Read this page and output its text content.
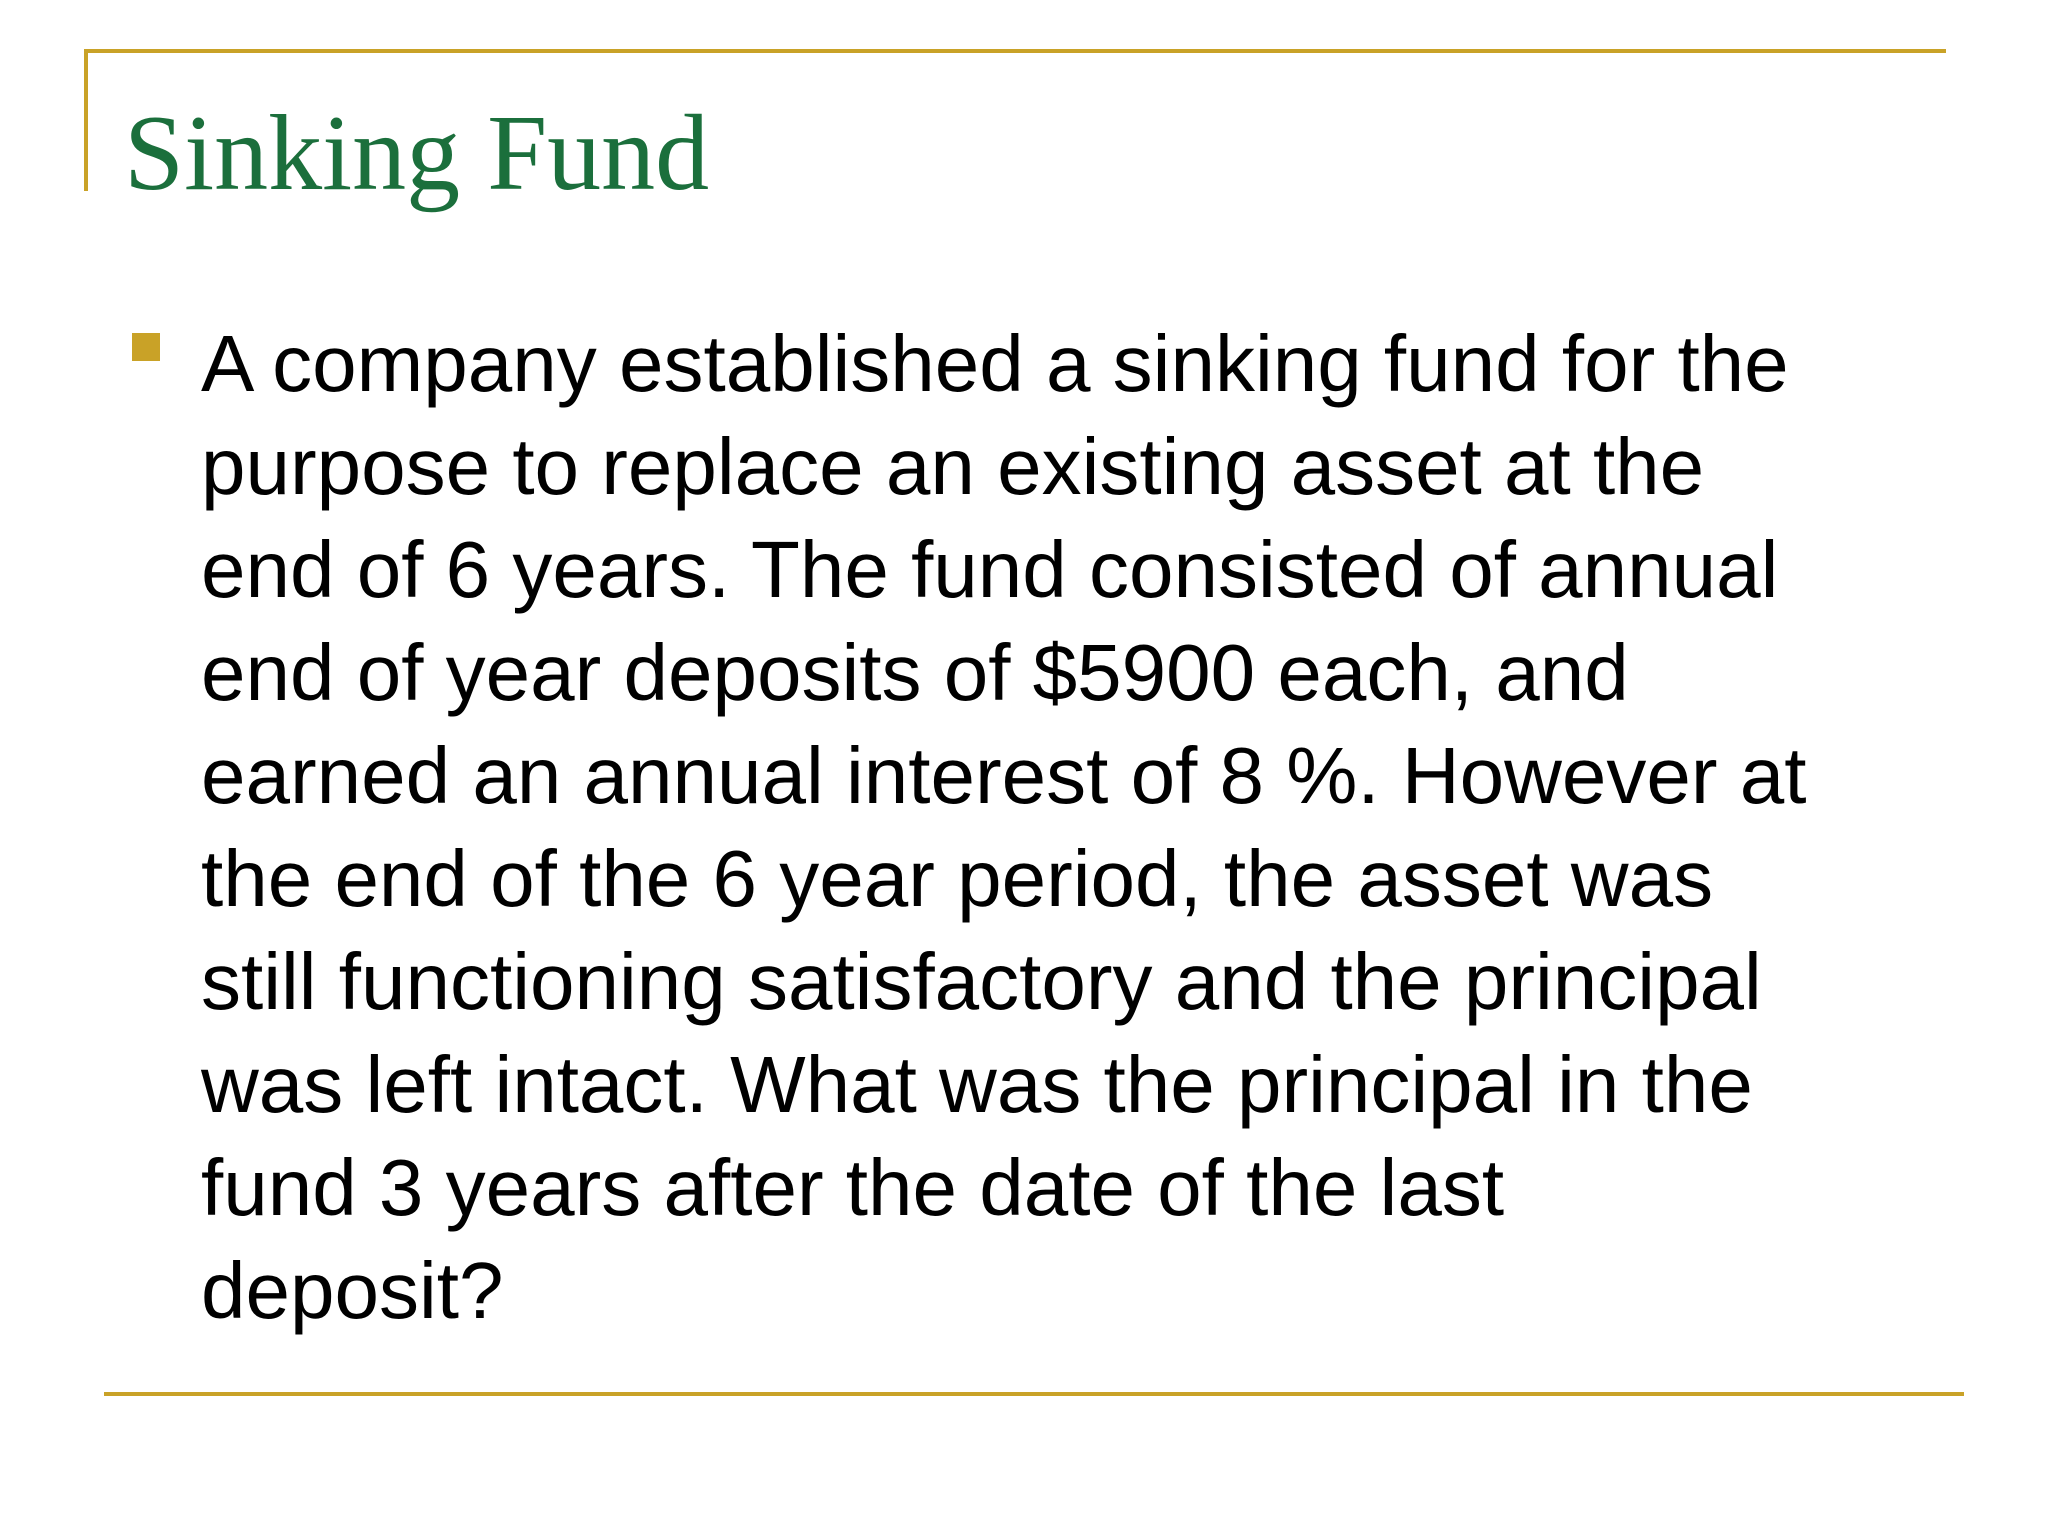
Sinking Fund

A company established a sinking fund for the
purpose to replace an existing asset at the
end of 6 years. The fund consisted of annual
end of year deposits of $5900 each, and
earned an annual interest of 8 %. However at
the end of the 6 year period, the asset was
still functioning satisfactory and the principal
was left intact. What was the principal in the
fund 3 years after the date of the last
deposit?
